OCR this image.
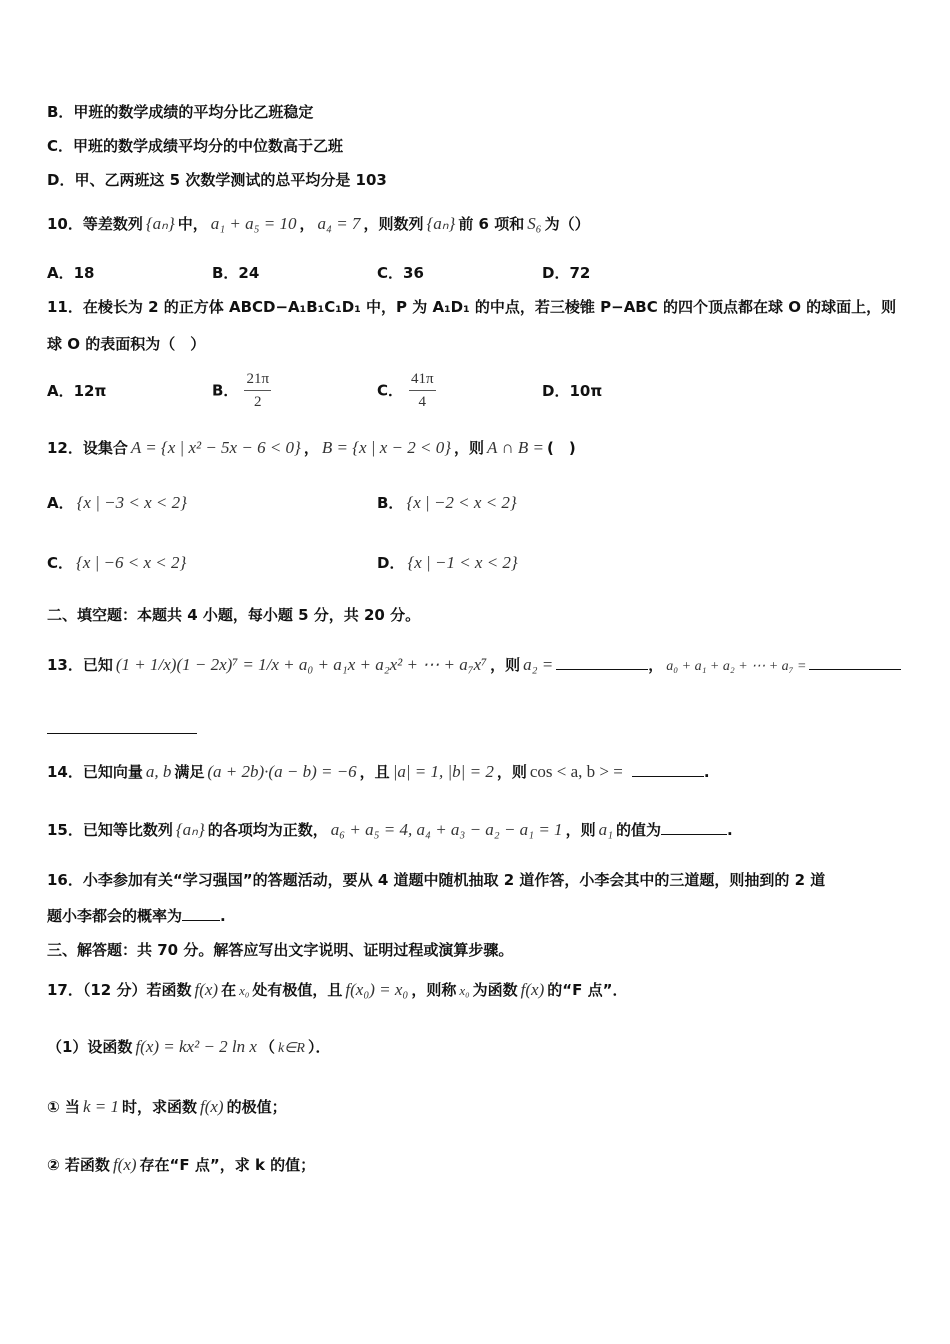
B．甲班的数学成绩的平均分比乙班稳定
C．甲班的数学成绩平均分的中位数高于乙班
D．甲、乙两班这 5 次数学测试的总平均分是 103
10．等差数列 {aₙ} 中， a₁ + a₅ = 10 ， a₄ = 7 ，则数列 {aₙ} 前 6 项和 S₆ 为（）
A．18	B．24	C．36	D．72
11．在棱长为 2 的正方体 ABCD−A₁B₁C₁D₁ 中，P 为 A₁D₁ 的中点，若三棱锥 P−ABC 的四个顶点都在球 O 的球面上，则
球 O 的表面积为（　）
A．12π	B． $\frac{21\pi}{2}$	C． $\frac{41\pi}{4}$	D．10π
12．设集合 A = {x | x² − 5x − 6 < 0} ， B = {x | x − 2 < 0} ，则 A ∩ B = (　)
A． {x | −3 < x < 2}	B． {x | −2 < x < 2}
C． {x | −6 < x < 2}	D． {x | −1 < x < 2}
二、填空题：本题共 4 小题，每小题 5 分，共 20 分。
13．已知 (1 + 1/x)(1 − 2x)⁷ = 1/x + a₀ + a₁x + a₂x² + ⋯ + a₇x⁷ ，则 a₂ =	， a₀ + a₁ + a₂ + ⋯ + a₇ =
14．已知向量 a, b 满足 (a + 2b)·(a − b) = −6 ，且 |a| = 1, |b| = 2 ，则 cos < a, b > =	.
15．已知等比数列 {aₙ} 的各项均为正数， a₆ + a₅ = 4, a₄ + a₃ − a₂ − a₁ = 1 ，则 a₁ 的值为	.
16．小李参加有关“学习强国”的答题活动，要从 4 道题中随机抽取 2 道作答，小李会其中的三道题，则抽到的 2 道
题小李都会的概率为	.
三、解答题：共 70 分。解答应写出文字说明、证明过程或演算步骤。
17．（12 分）若函数 f(x) 在 x₀ 处有极值，且 f(x₀) = x₀ ，则称 x₀ 为函数 f(x) 的“F 点”．
（1）设函数 f(x) = kx² − 2 ln x （ k∈R ）．
① 当 k = 1 时，求函数 f(x) 的极值；
② 若函数 f(x) 存在“F 点”，求 k 的值；
